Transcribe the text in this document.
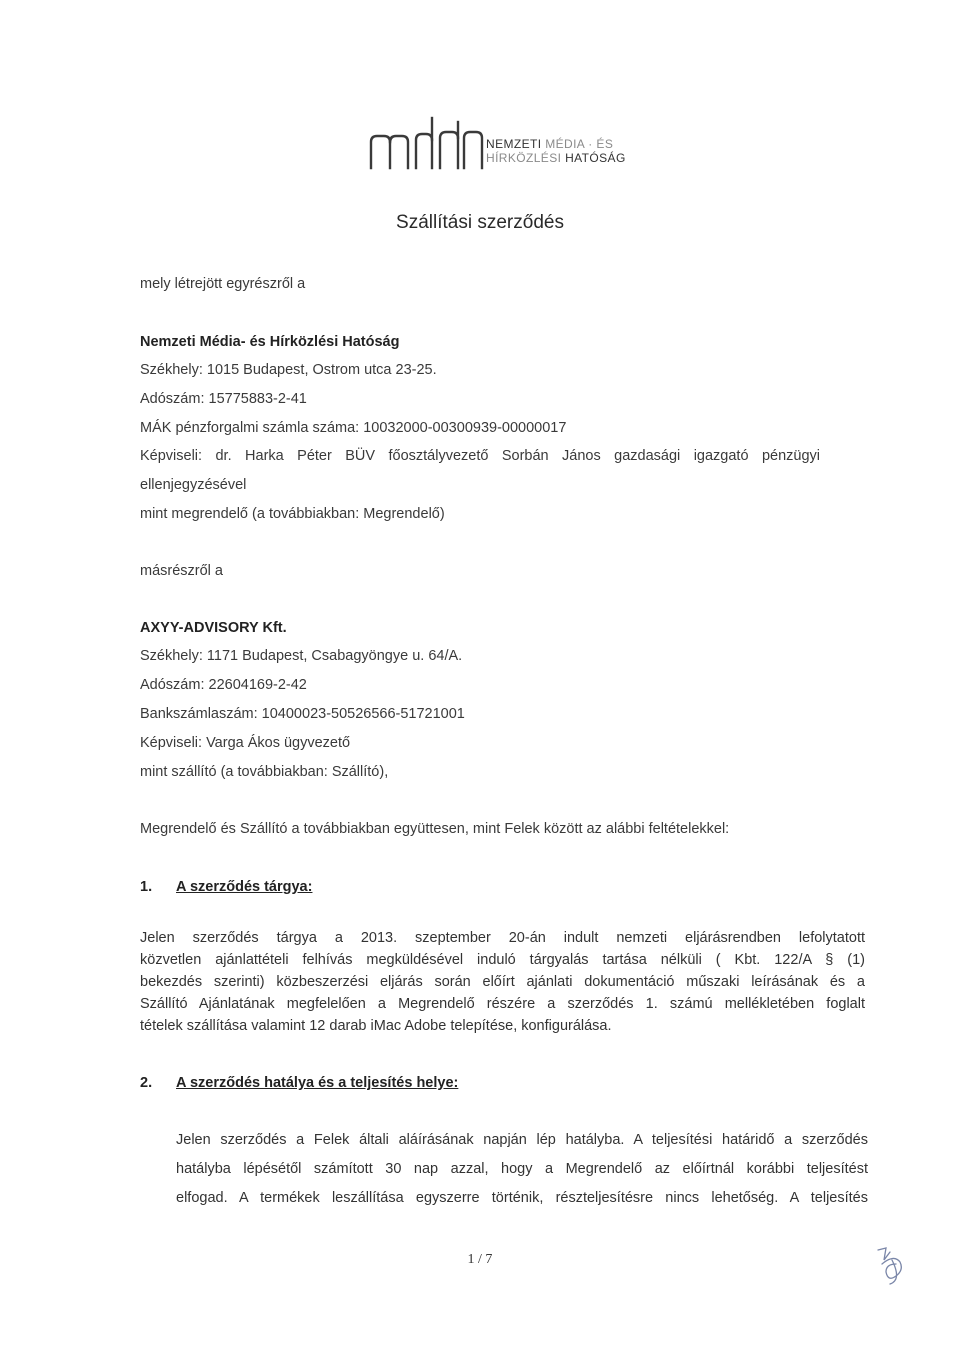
NEMZETI MÉDIA · ÉS
HÍRKÖZLÉSI HATÓSÁG
Szállítási szerződés
mely létrejött egyrészről a
Nemzeti Média- és Hírközlési Hatóság
Székhely: 1015 Budapest, Ostrom utca 23-25.
Adószám: 15775883-2-41
MÁK pénzforgalmi számla száma: 10032000-00300939-00000017
Képviseli: dr. Harka Péter BÜV főosztályvezető Sorbán János gazdasági igazgató pénzügyi
ellenjegyzésével
mint megrendelő (a továbbiakban: Megrendelő)
másrészről a
AXYY-ADVISORY Kft.
Székhely: 1171 Budapest, Csabagyöngye u. 64/A.
Adószám: 22604169-2-42
Bankszámlaszám: 10400023-50526566-51721001
Képviseli: Varga Ákos ügyvezető
mint szállító (a továbbiakban: Szállító),
Megrendelő és Szállító a továbbiakban együttesen, mint Felek között az alábbi feltételekkel:
1. A szerződés tárgya:
Jelen szerződés tárgya a 2013. szeptember 20-án indult nemzeti eljárásrendben lefolytatott
közvetlen ajánlattételi felhívás megküldésével induló tárgyalás tartása nélküli ( Kbt. 122/A § (1)
bekezdés szerinti) közbeszerzési eljárás során előírt ajánlati dokumentáció műszaki leírásának és a
Szállító Ajánlatának megfelelően a Megrendelő részére a szerződés 1. számú mellékletében foglalt
tételek szállítása valamint 12 darab iMac Adobe telepítése, konfigurálása.
2. A szerződés hatálya és a teljesítés helye:
Jelen szerződés a Felek általi aláírásának napján lép hatályba. A teljesítési határidő a szerződés
hatályba lépésétől számított 30 nap azzal, hogy a Megrendelő az előírtnál korábbi teljesítést
elfogad. A termékek leszállítása egyszerre történik, részteljesítésre nincs lehetőség. A teljesítés
1 / 7
